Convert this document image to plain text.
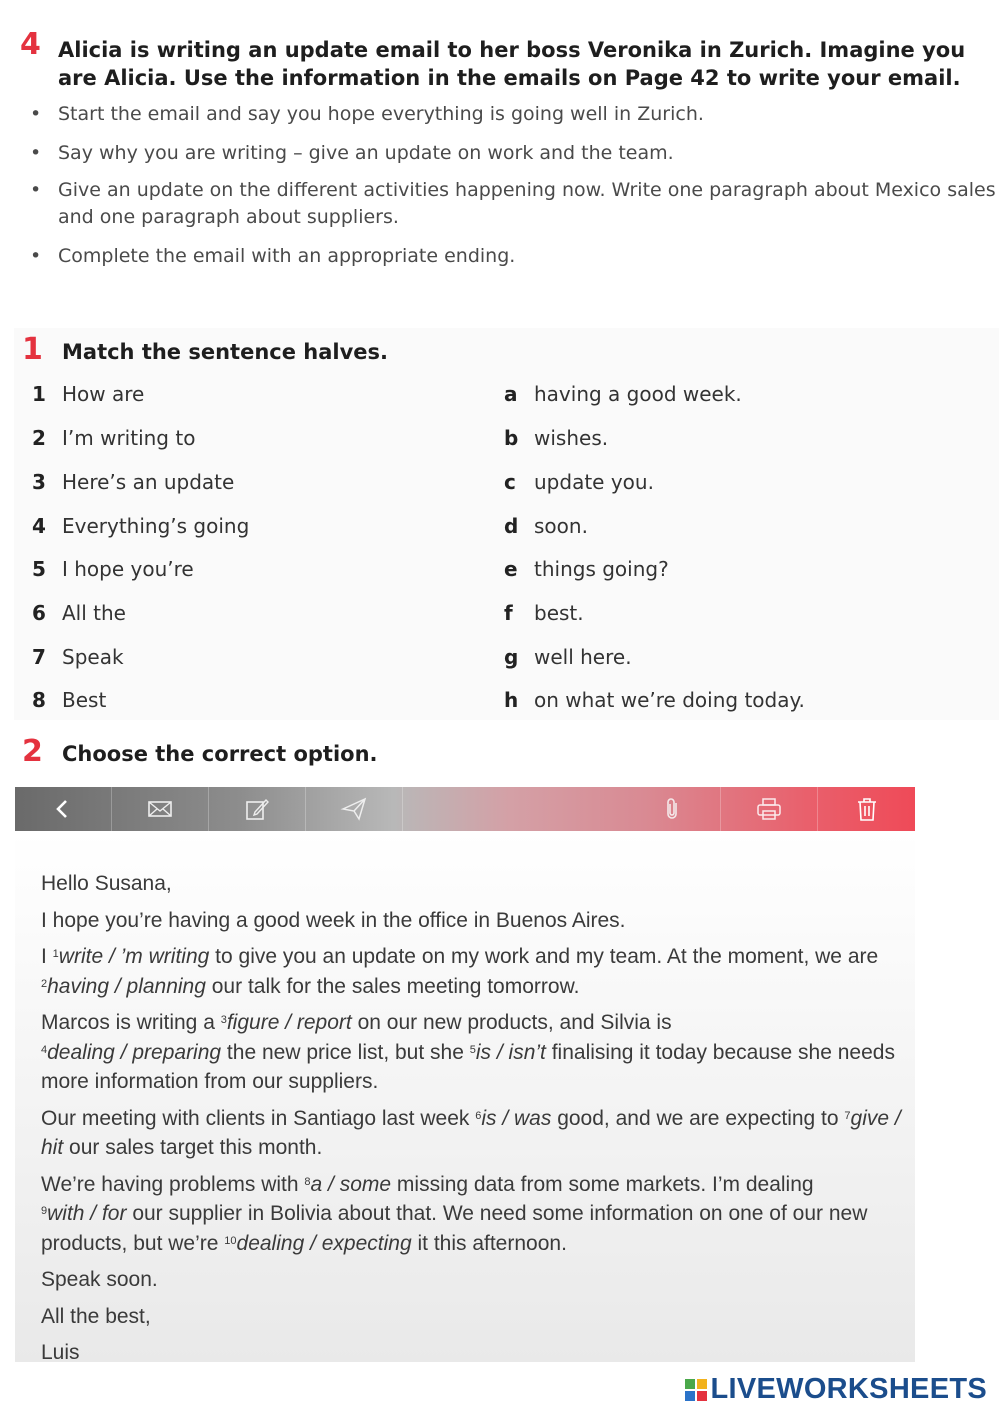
4 Alicia is writing an update email to her boss Veronika in Zurich. Imagine you are Alicia. Use the information in the emails on Page 42 to write your email.
• Start the email and say you hope everything is going well in Zurich.
• Say why you are writing – give an update on work and the team.
• Give an update on the different activities happening now. Write one paragraph about Mexico sales and one paragraph about suppliers.
• Complete the email with an appropriate ending.
1 Match the sentence halves.
1 How are	a having a good week.
2 I’m writing to	b wishes.
3 Here’s an update	c update you.
4 Everything’s going	d soon.
5 I hope you’re	e things going?
6 All the	f best.
7 Speak	g well here.
8 Best	h on what we’re doing today.
2 Choose the correct option.

Hello Susana,

I hope you’re having a good week in the office in Buenos Aires.

I $^1$write / ’m writing to give you an update on my work and my team. At the moment, we are $^2$having / planning our talk for the sales meeting tomorrow.

Marcos is writing a $^3$figure / report on our new products, and Silvia is
$^4$dealing / preparing the new price list, but she $^5$is / isn’t finalising it today because she needs more information from our suppliers.

Our meeting with clients in Santiago last week $^6$is / was good, and we are expecting to $^7$give / hit our sales target this month.

We’re having problems with $^8$a / some missing data from some markets. I’m dealing
$^9$with / for our supplier in Bolivia about that. We need some information on one of our new products, but we’re $^{10}$dealing / expecting it this afternoon.

Speak soon.

All the best,

Luis

LIVEWORKSHEETS
